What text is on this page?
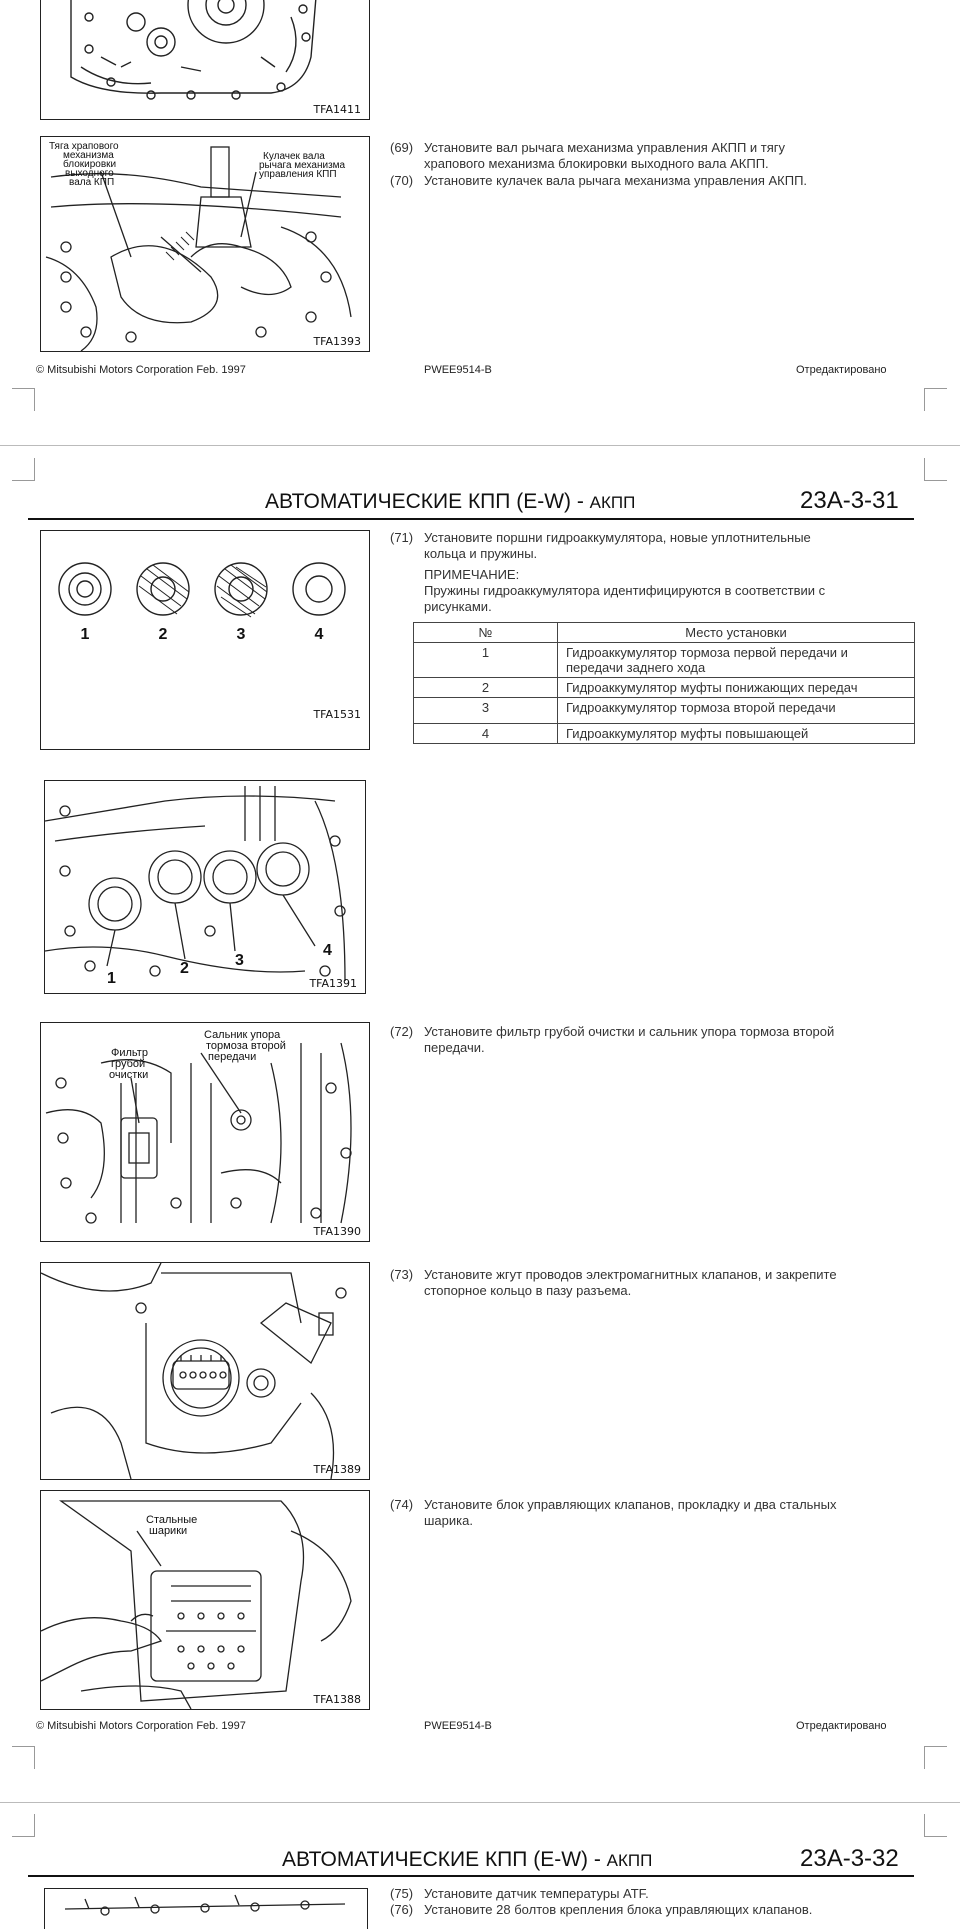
TFA1411
Тяга храпового механизма блокировки выходного вала КПП
Кулачек вала рычага механизма управления КПП
TFA1393
(69) Установите вал рычага механизма управления АКПП и тягу
храпового механизма блокировки выходного вала АКПП.
(70) Установите кулачек вала рычага механизма управления АКПП.
© Mitsubishi Motors Corporation Feb. 1997	PWEE9514-B	Отредактировано
АВТОМАТИЧЕСКИЕ КПП (E-W) - АКПП	23A-3-31
1	2	3	4
TFA1531
(71) Установите поршни гидроаккумулятора, новые уплотнительные
кольца и пружины.
ПРИМЕЧАНИЕ:
Пружины гидроаккумулятора идентифицируются в соответствии с
рисунками.
№	Место установки
1	Гидроаккумулятор тормоза первой передачи и
передачи заднего хода
2	Гидроаккумулятор муфты понижающих передач
3	Гидроаккумулятор тормоза второй передачи
4	Гидроаккумулятор муфты повышающей
1
2	3
4
TFA1391
Сальник упора тормоза второй передачи
Фильтр грубой очистки
TFA1390
(72) Установите фильтр грубой очистки и сальник упора тормоза второй
передачи.
TFA1389
(73) Установите жгут проводов электромагнитных клапанов, и закрепите
стопорное кольцо в пазу разъема.
Стальные шарики
TFA1388
(74) Установите блок управляющих клапанов, прокладку и два стальных
шарика.
© Mitsubishi Motors Corporation Feb. 1997	PWEE9514-B	Отредактировано
АВТОМАТИЧЕСКИЕ КПП (E-W) - АКПП	23A-3-32
(75) Установите датчик температуры ATF.
(76) Установите 28 болтов крепления блока управляющих клапанов.
